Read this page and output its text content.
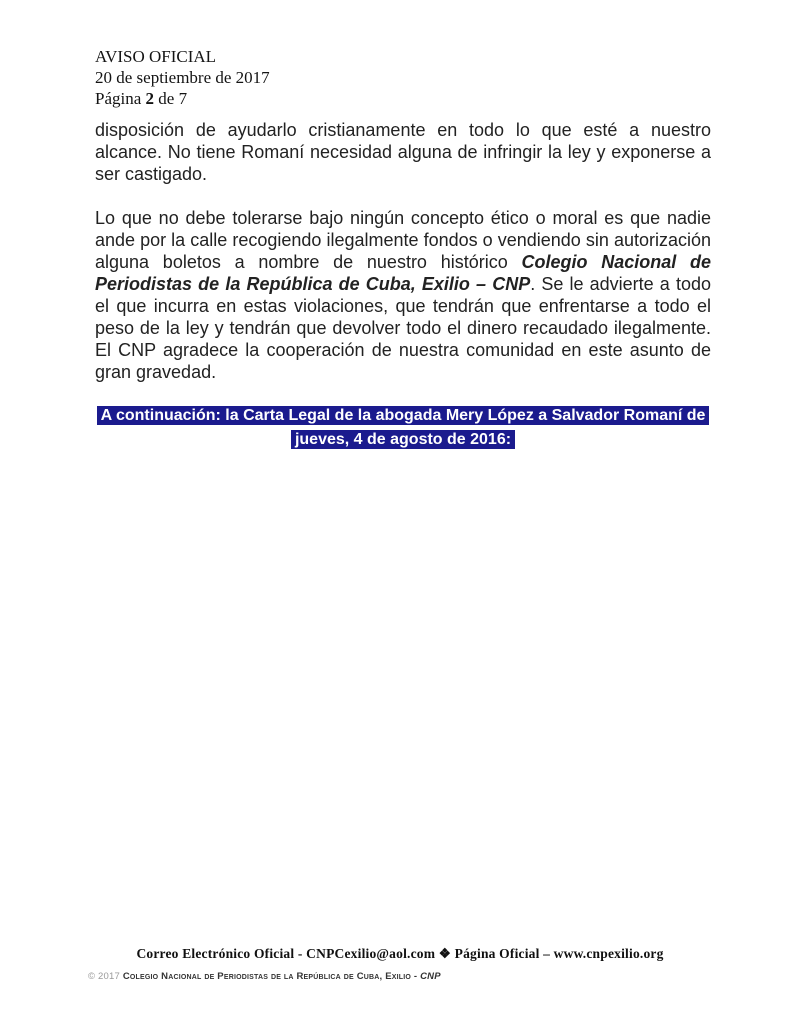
AVISO OFICIAL
20 de septiembre de 2017
Página 2 de 7

disposición de ayudarlo cristianamente en todo lo que esté a nuestro alcance. No tiene Romaní necesidad alguna de infringir la ley y exponerse a ser castigado.

Lo que no debe tolerarse bajo ningún concepto ético o moral es que nadie ande por la calle recogiendo ilegalmente fondos o vendiendo sin autorización alguna boletos a nombre de nuestro histórico Colegio Nacional de Periodistas de la República de Cuba, Exilio – CNP. Se le advierte a todo el que incurra en estas violaciones, que tendrán que enfrentarse a todo el peso de la ley y tendrán que devolver todo el dinero recaudado ilegalmente. El CNP agradece la cooperación de nuestra comunidad en este asunto de gran gravedad.

A continuación: la Carta Legal de la abogada Mery López a Salvador Romaní de
jueves, 4 de agosto de 2016:

Correo Electrónico Oficial - CNPCexilio@aol.com ❖ Página Oficial – www.cnpexilio.org
© 2017 Colegio Nacional de Periodistas de la República de Cuba, Exilio - CNP
